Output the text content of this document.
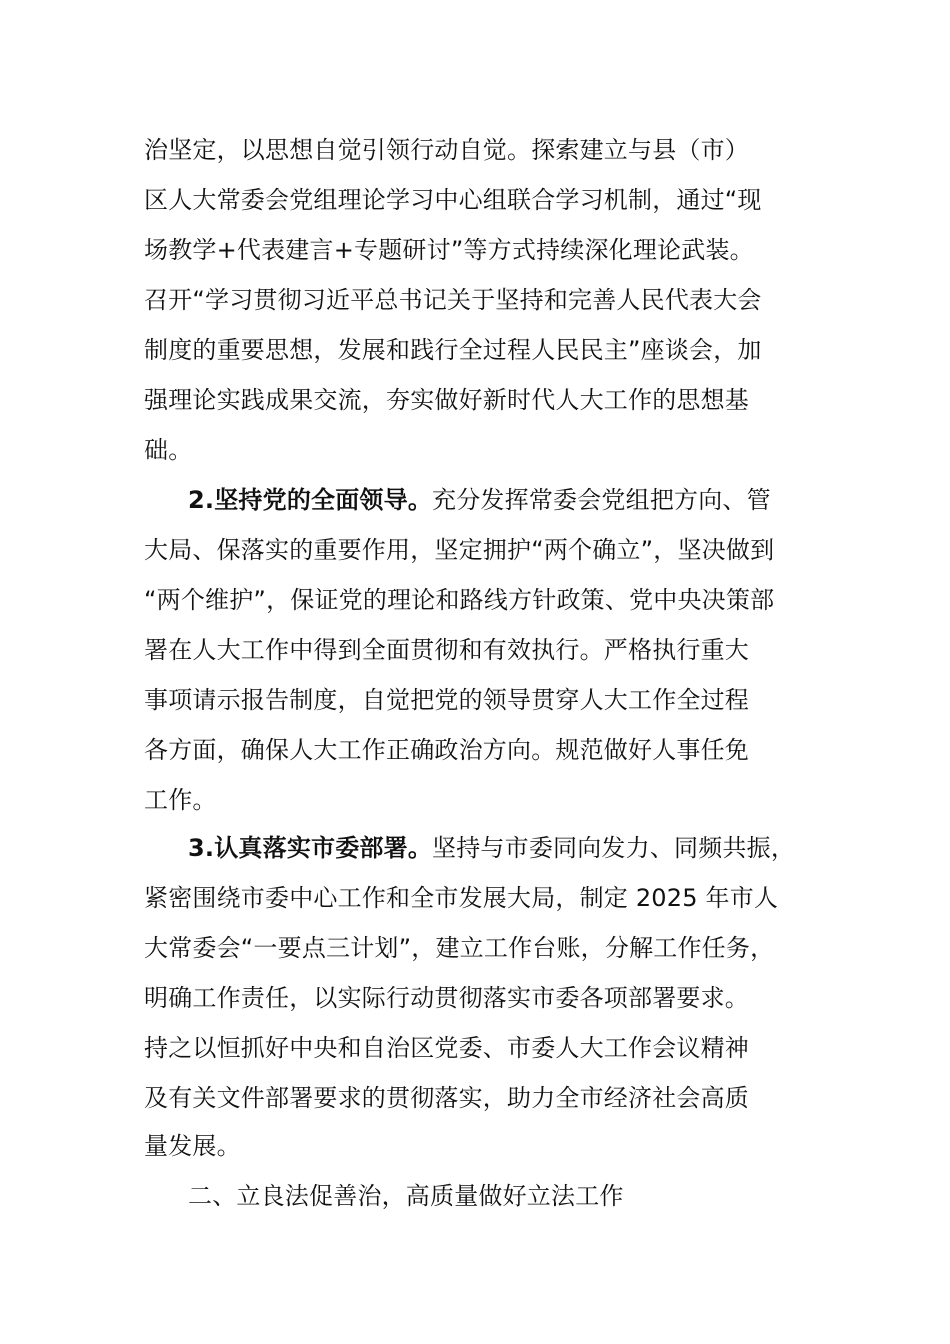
治坚定，以思想自觉引领行动自觉。探索建立与县（市）
区人大常委会党组理论学习中心组联合学习机制，通过“现
场教学+代表建言+专题研讨”等方式持续深化理论武装。
召开“学习贯彻习近平总书记关于坚持和完善人民代表大会
制度的重要思想，发展和践行全过程人民民主”座谈会，加
强理论实践成果交流，夯实做好新时代人大工作的思想基
础。
2.坚持党的全面领导。充分发挥常委会党组把方向、管
大局、保落实的重要作用，坚定拥护“两个确立”，坚决做到
“两个维护”，保证党的理论和路线方针政策、党中央决策部
署在人大工作中得到全面贯彻和有效执行。严格执行重大
事项请示报告制度，自觉把党的领导贯穿人大工作全过程
各方面，确保人大工作正确政治方向。规范做好人事任免
工作。
3.认真落实市委部署。坚持与市委同向发力、同频共振，
紧密围绕市委中心工作和全市发展大局，制定 2025 年市人
大常委会“一要点三计划”，建立工作台账，分解工作任务，
明确工作责任，以实际行动贯彻落实市委各项部署要求。
持之以恒抓好中央和自治区党委、市委人大工作会议精神
及有关文件部署要求的贯彻落实，助力全市经济社会高质
量发展。
二、立良法促善治，高质量做好立法工作
